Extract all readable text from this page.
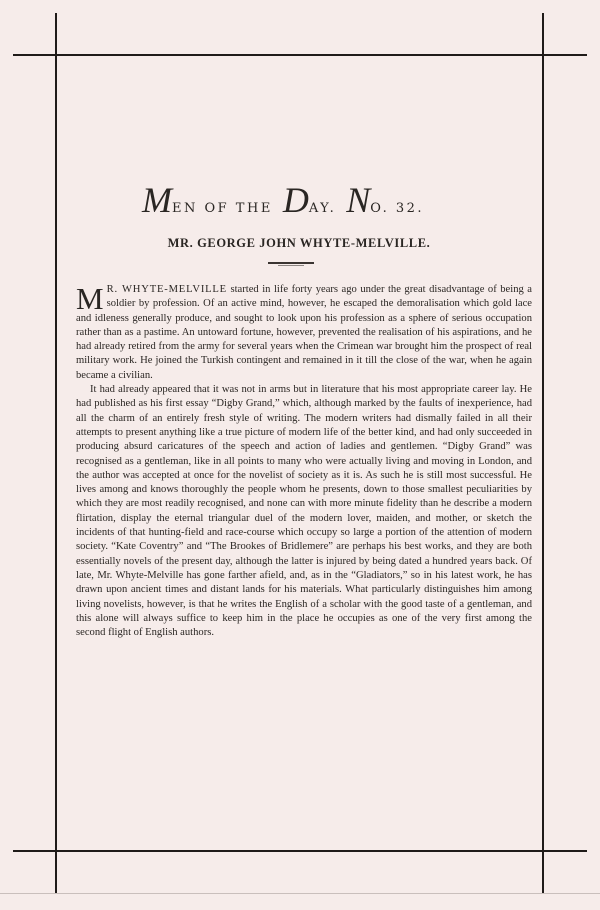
MEN OF THE DAY. NO. 32.
MR. GEORGE JOHN WHYTE-MELVILLE.

M R. WHYTE-MELVILLE started in life forty years ago under the great disadvantage of being a soldier by profession. Of an active mind, however, he escaped the demoralisation which gold lace and idleness generally produce, and sought to look upon his profession as a sphere of serious occupation rather than as a pastime. An untoward fortune, however, prevented the realisation of his aspirations, and he had already retired from the army for several years when the Crimean war brought him the prospect of real military work. He joined the Turkish contingent and remained in it till the close of the war, when he again became a civilian.

It had already appeared that it was not in arms but in literature that his most appropriate career lay. He had published as his first essay “Digby Grand,” which, although marked by the faults of inexperience, had all the charm of an entirely fresh style of writing. The modern writers had dismally failed in all their attempts to present anything like a true picture of modern life of the better kind, and had only succeeded in producing absurd caricatures of the speech and action of ladies and gentlemen. “Digby Grand” was recognised as a gentleman, like in all points to many who were actually living and moving in London, and the author was accepted at once for the novelist of society as it is. As such he is still most successful. He lives among and knows thoroughly the people whom he presents, down to those smallest peculiarities by which they are most readily recognised, and none can with more minute fidelity than he describe a modern flirtation, display the eternal triangular duel of the modern lover, maiden, and mother, or sketch the incidents of that hunting-field and race-course which occupy so large a portion of the attention of modern society. “Kate Coventry” and “The Brookes of Bridlemere” are perhaps his best works, and they are both essentially novels of the present day, although the latter is injured by being dated a hundred years back. Of late, Mr. Whyte-Melville has gone farther afield, and, as in the “Gladiators,” so in his latest work, he has drawn upon ancient times and distant lands for his materials. What particularly distinguishes him among living novelists, however, is that he writes the English of a scholar with the good taste of a gentleman, and this alone will always suffice to keep him in the place he occupies as one of the very first among the second flight of English authors.
